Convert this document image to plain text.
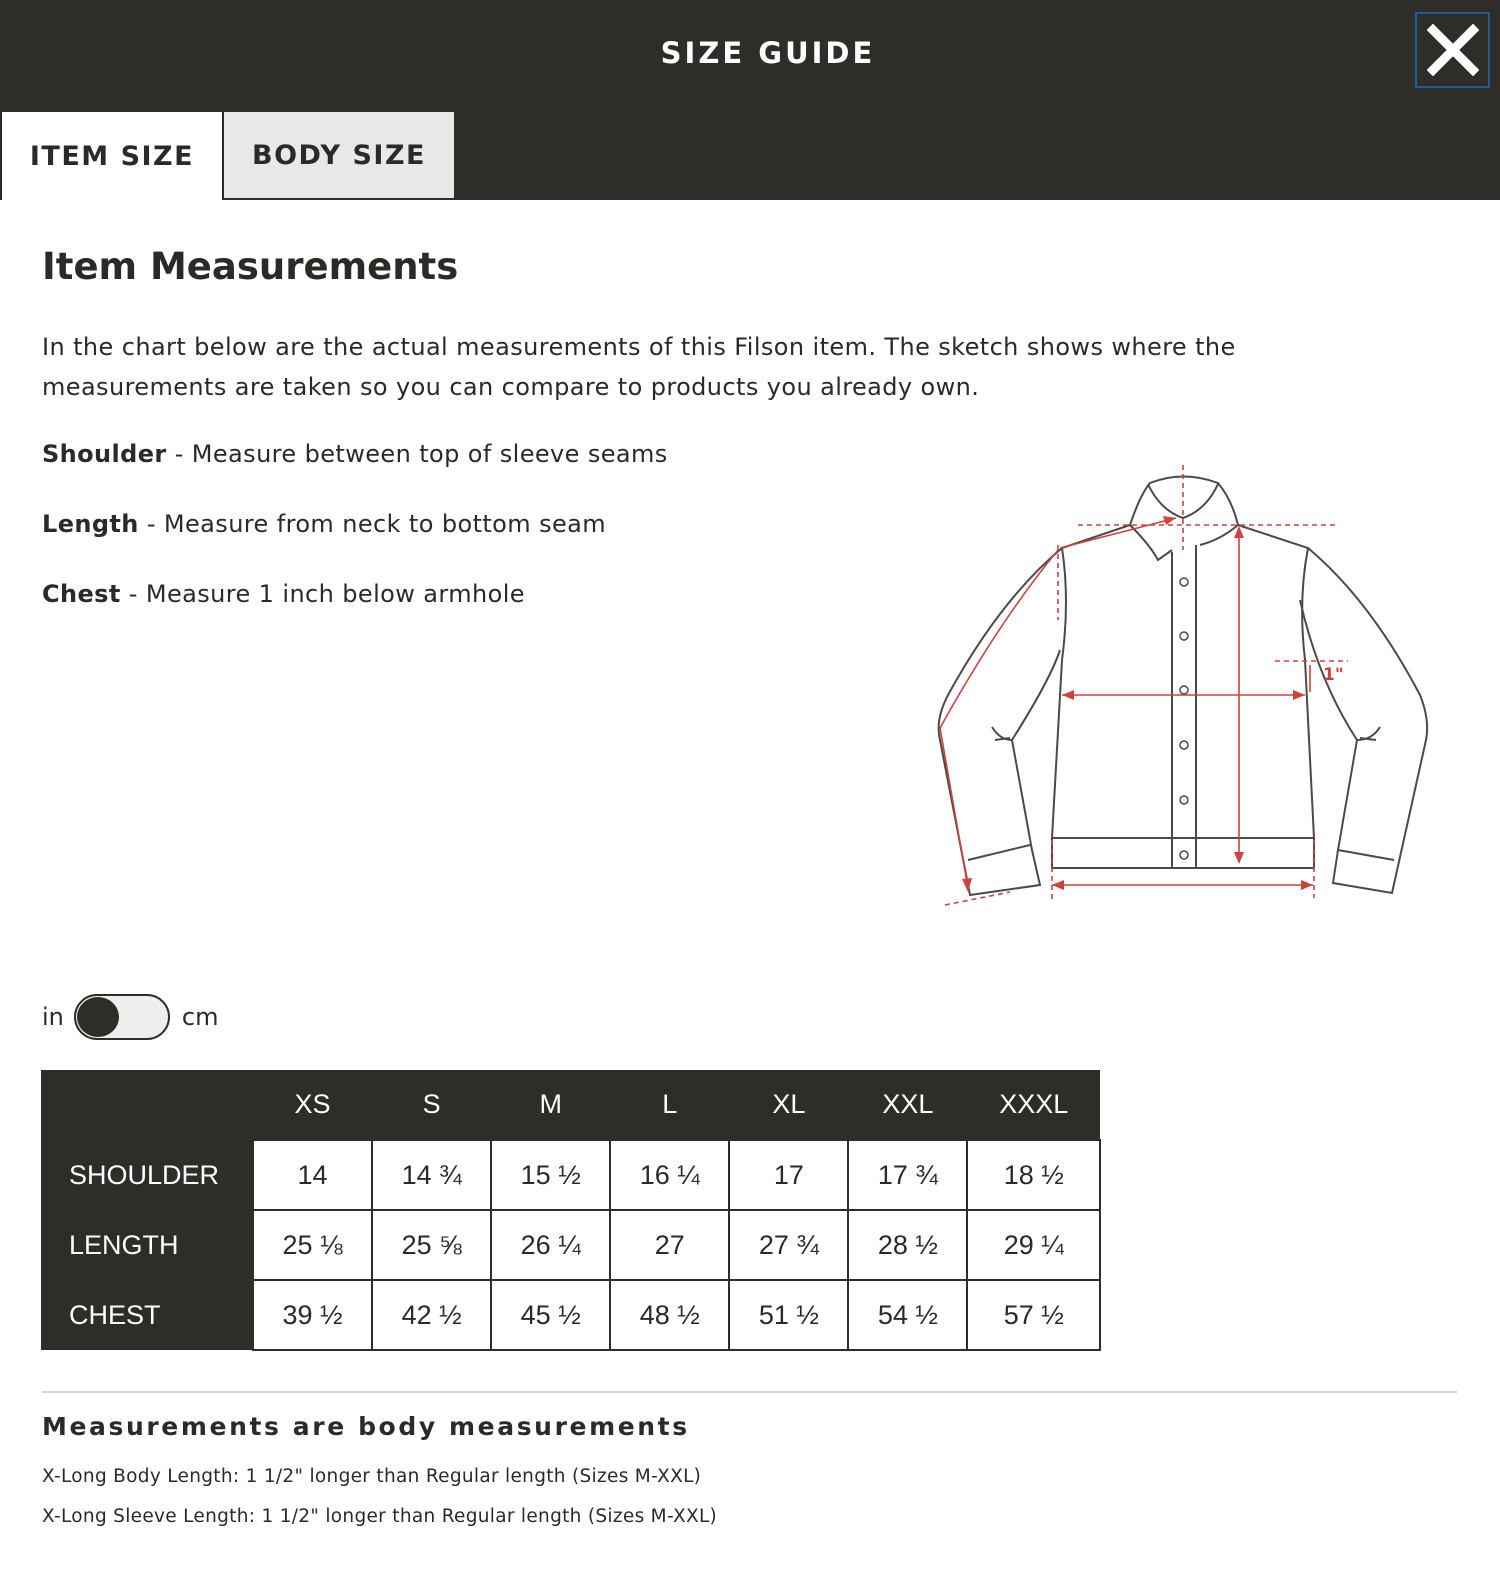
SIZE GUIDE
ITEM SIZE BODY SIZE
Item Measurements
In the chart below are the actual measurements of this Filson item. The sketch shows where the measurements are taken so you can compare to products you already own.
Shoulder - Measure between top of sleeve seams
Length - Measure from neck to bottom seam
Chest - Measure 1 inch below armhole
1"
in	cm
	XS	S	M	L	XL	XXL	XXXL
SHOULDER	14	14 ¾	15 ½	16 ¼	17	17 ¾	18 ½
LENGTH	25 ⅛	25 ⅝	26 ¼	27	27 ¾	28 ½	29 ¼
CHEST	39 ½	42 ½	45 ½	48 ½	51 ½	54 ½	57 ½
Measurements are body measurements
X-Long Body Length: 1 1/2" longer than Regular length (Sizes M-XXL)
X-Long Sleeve Length: 1 1/2" longer than Regular length (Sizes M-XXL)
